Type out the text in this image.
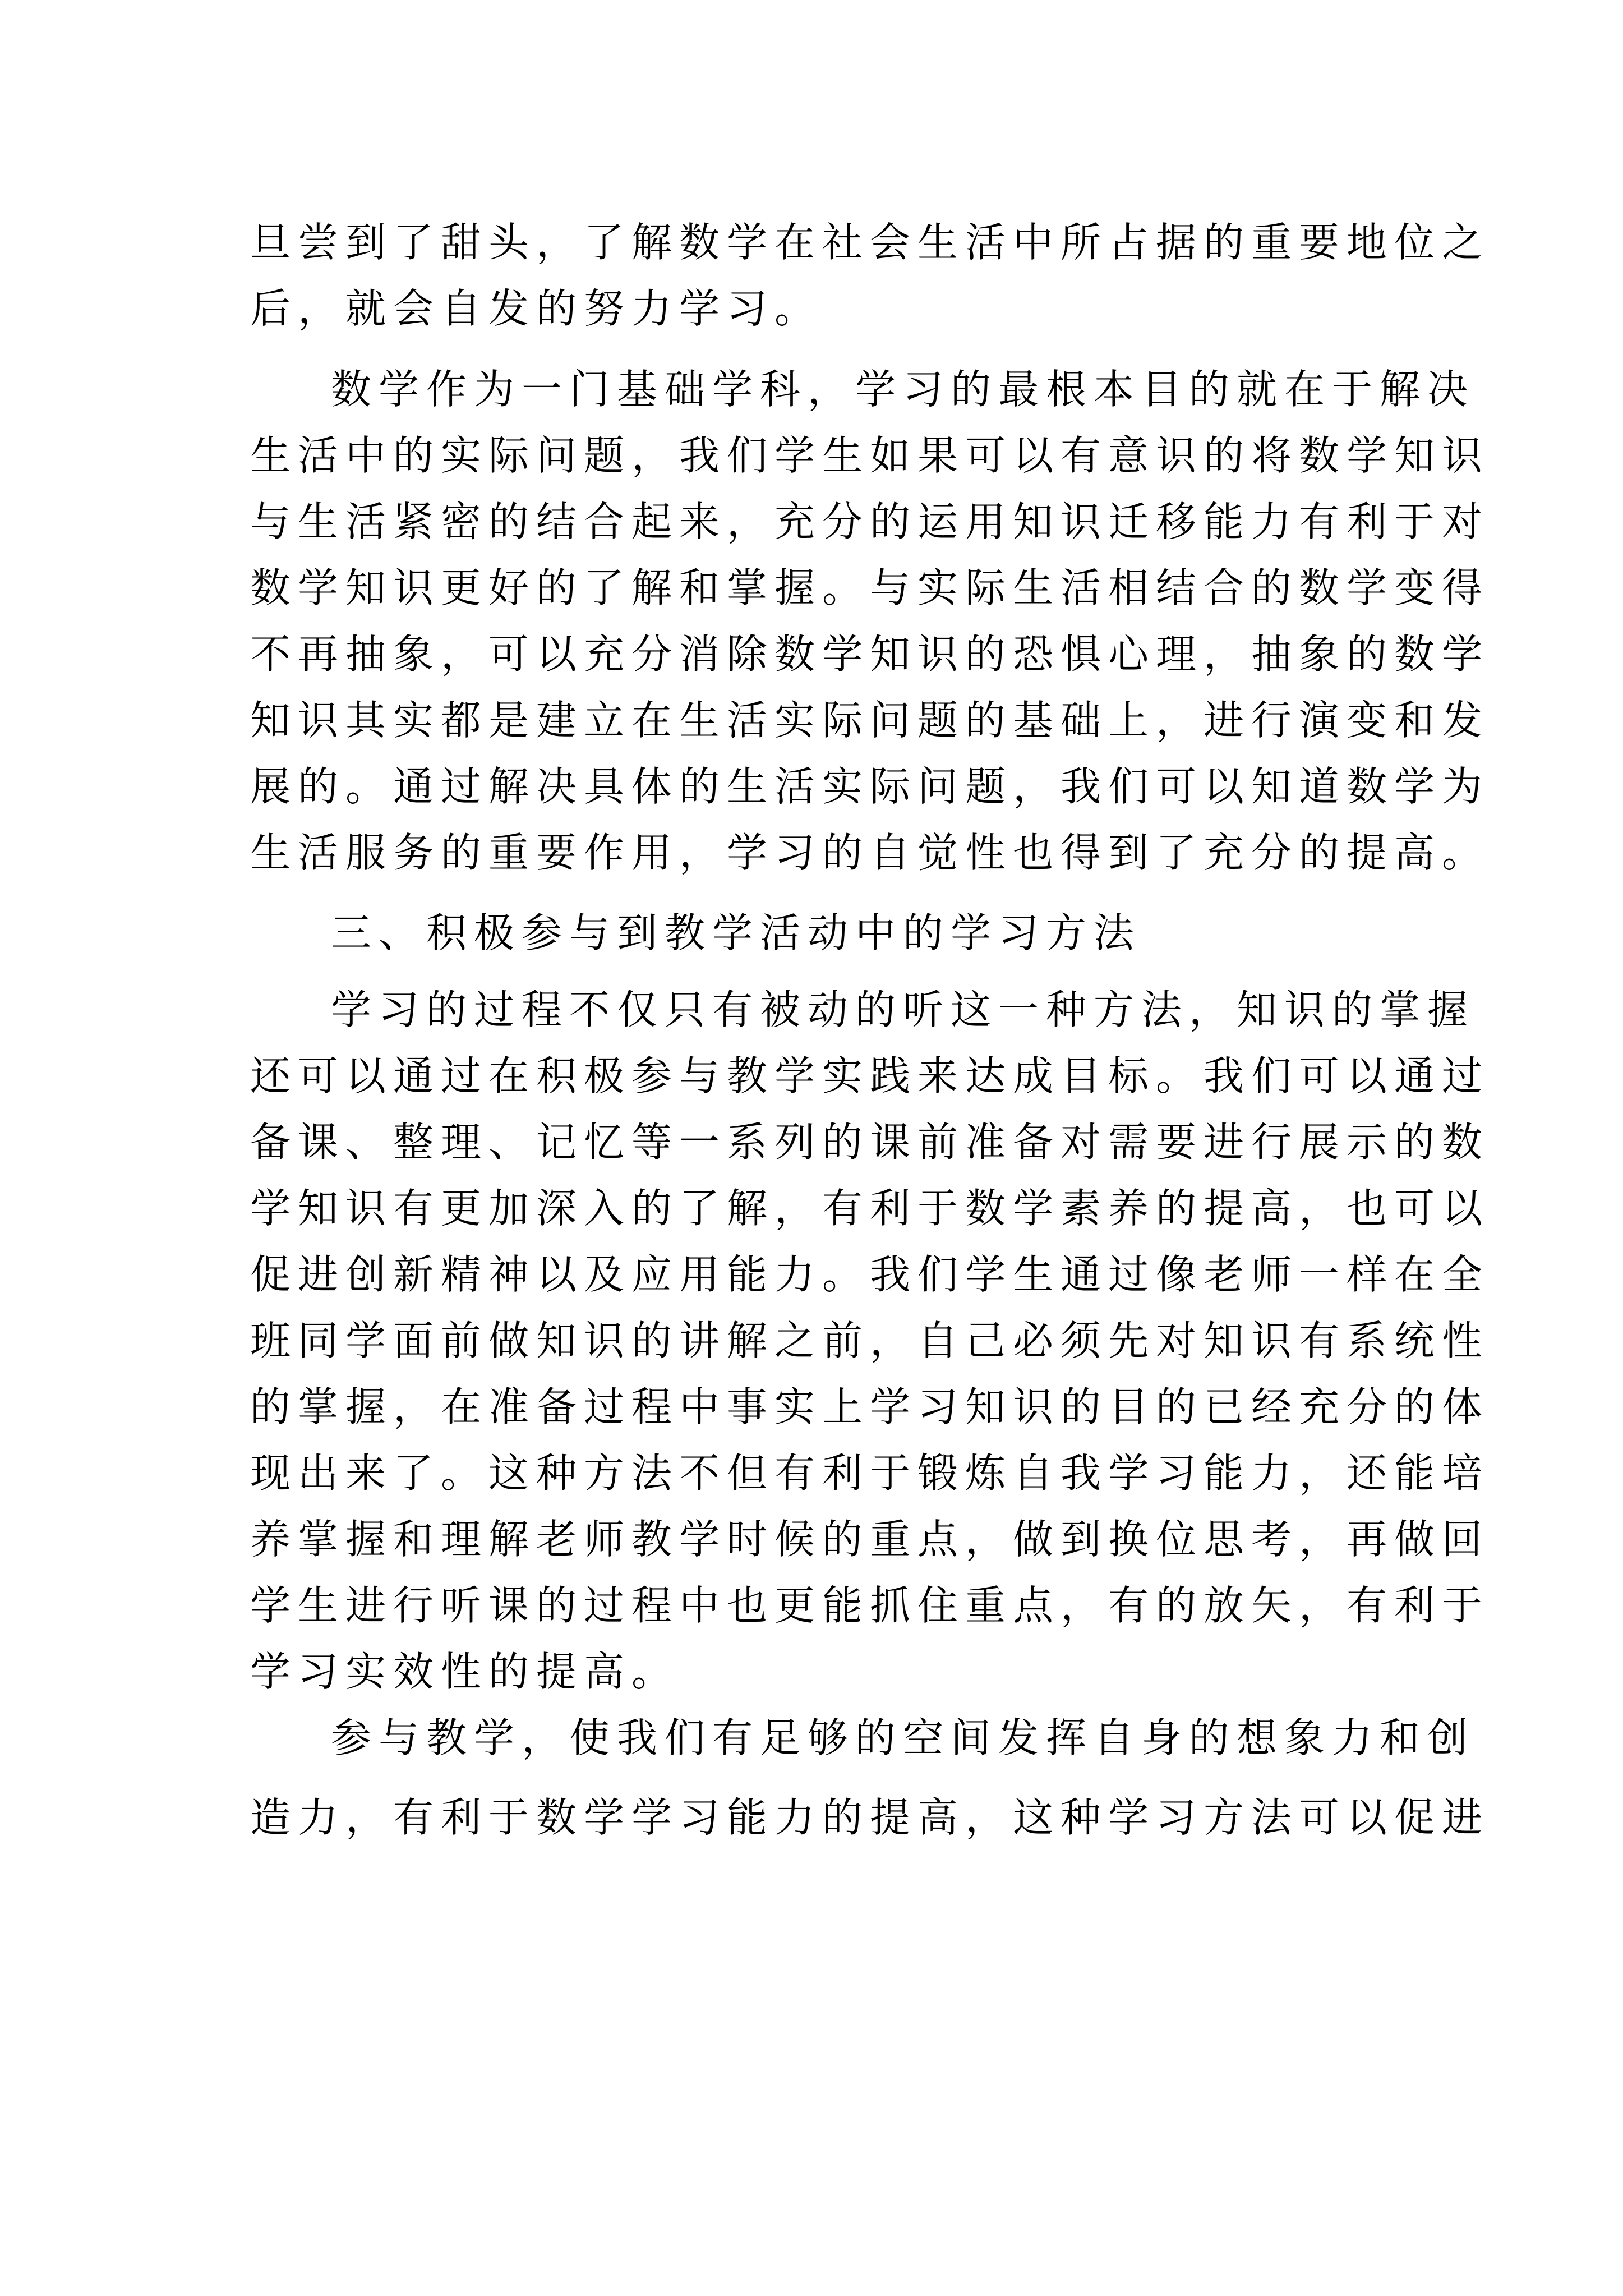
旦尝到了甜头，了解数学在社会生活中所占据的重要地位之
后，就会自发的努力学习。
数学作为一门基础学科，学习的最根本目的就在于解决
生活中的实际问题，我们学生如果可以有意识的将数学知识
与生活紧密的结合起来，充分的运用知识迁移能力有利于对
数学知识更好的了解和掌握。与实际生活相结合的数学变得
不再抽象，可以充分消除数学知识的恐惧心理，抽象的数学
知识其实都是建立在生活实际问题的基础上，进行演变和发
展的。通过解决具体的生活实际问题，我们可以知道数学为
生活服务的重要作用，学习的自觉性也得到了充分的提高。
三、积极参与到教学活动中的学习方法
学习的过程不仅只有被动的听这一种方法，知识的掌握
还可以通过在积极参与教学实践来达成目标。我们可以通过
备课、整理、记忆等一系列的课前准备对需要进行展示的数
学知识有更加深入的了解，有利于数学素养的提高，也可以
促进创新精神以及应用能力。我们学生通过像老师一样在全
班同学面前做知识的讲解之前，自己必须先对知识有系统性
的掌握，在准备过程中事实上学习知识的目的已经充分的体
现出来了。这种方法不但有利于锻炼自我学习能力，还能培
养掌握和理解老师教学时候的重点，做到换位思考，再做回
学生进行听课的过程中也更能抓住重点，有的放矢，有利于
学习实效性的提高。
参与教学，使我们有足够的空间发挥自身的想象力和创
造力，有利于数学学习能力的提高，这种学习方法可以促进
